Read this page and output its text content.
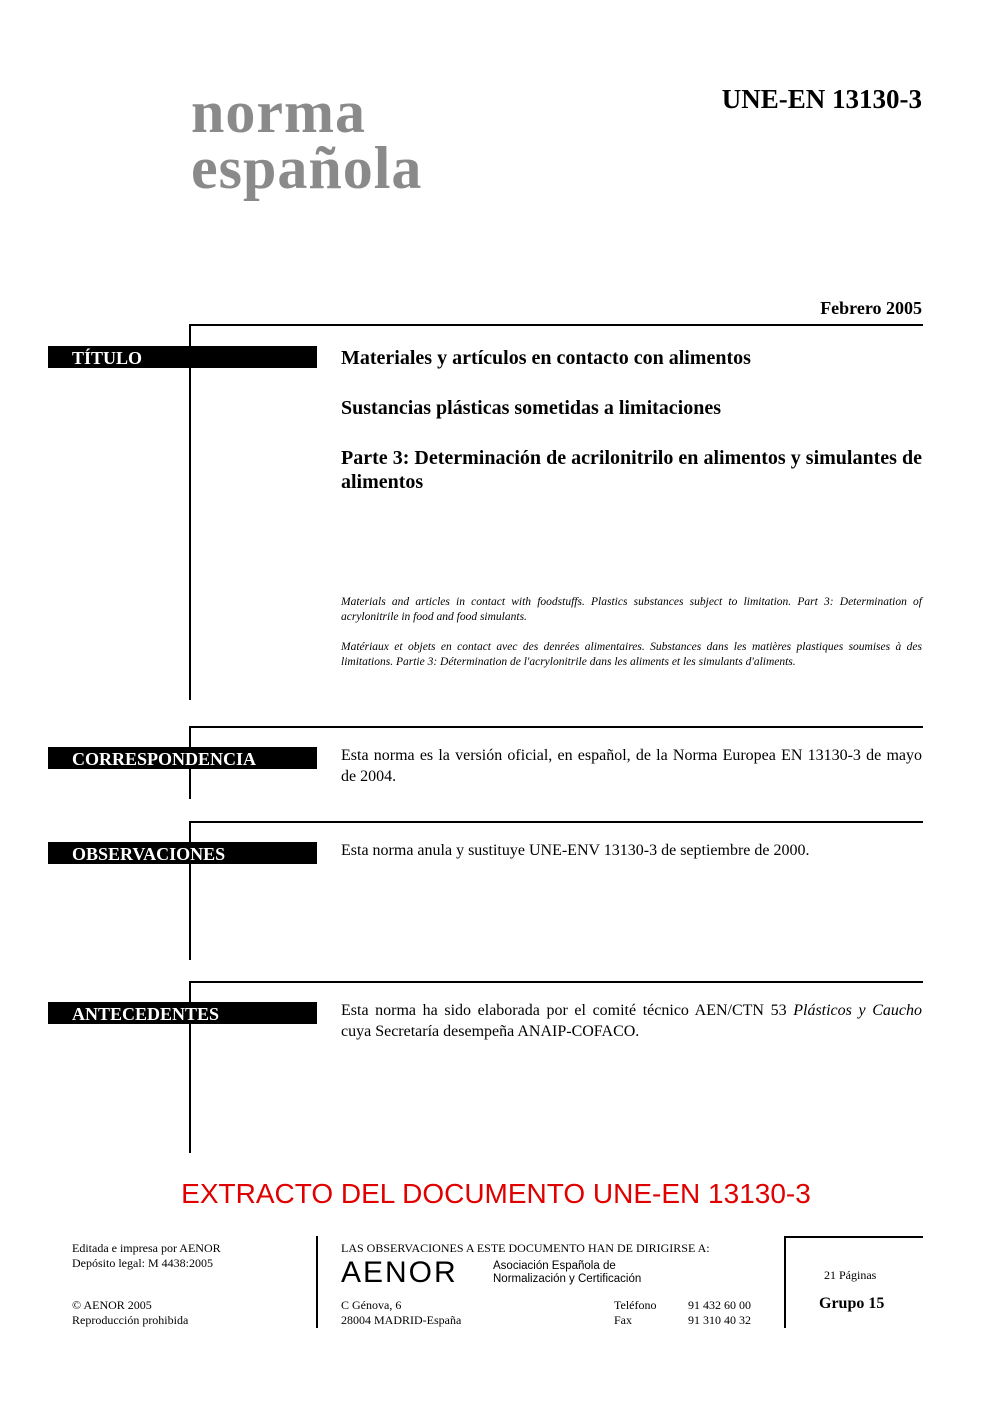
norma
española
UNE-EN 13130-3
Febrero 2005
TÍTULO	Materiales y artículos en contacto con alimentos
Sustancias plásticas sometidas a limitaciones
Parte 3: Determinación de acrilonitrilo en alimentos y simulantes de alimentos
Materials and articles in contact with foodstuffs. Plastics substances subject to limitation. Part 3: Determination of acrylonitrile in food and food simulants.
Matériaux et objets en contact avec des denrées alimentaires. Substances dans les matières plastiques soumises à des limitations. Partie 3: Détermination de l'acrylonitrile dans les aliments et les simulants d'aliments.
CORRESPONDENCIA	Esta norma es la versión oficial, en español, de la Norma Europea EN 13130-3 de mayo de 2004.
OBSERVACIONES	Esta norma anula y sustituye UNE-ENV 13130-3 de septiembre de 2000.
ANTECEDENTES	Esta norma ha sido elaborada por el comité técnico AEN/CTN 53 Plásticos y Caucho cuya Secretaría desempeña ANAIP-COFACO.
EXTRACTO DEL DOCUMENTO UNE-EN 13130-3
Editada e impresa por AENOR
Depósito legal: M 4438:2005
© AENOR 2005
Reproducción prohibida
LAS OBSERVACIONES A ESTE DOCUMENTO HAN DE DIRIGIRSE A:
AENOR	Asociación Española de
Normalización y Certificación
C Génova, 6
28004 MADRID-España
Teléfono	91 432 60 00
Fax	91 310 40 32
21 Páginas
Grupo 15
